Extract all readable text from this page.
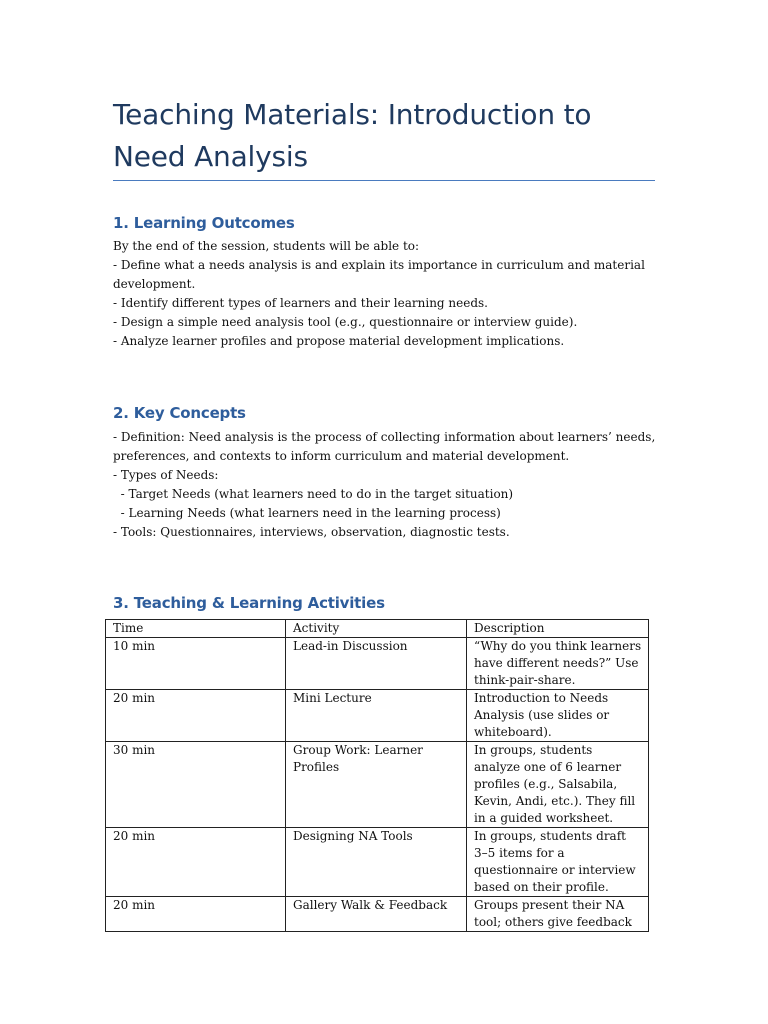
Teaching Materials: Introduction to Need Analysis
1. Learning Outcomes

By the end of the session, students will be able to:

- Define what a needs analysis is and explain its importance in curriculum and material development.

- Identify different types of learners and their learning needs.

- Design a simple need analysis tool (e.g., questionnaire or interview guide).

- Analyze learner profiles and propose material development implications.

2. Key Concepts

- Definition: Need analysis is the process of collecting information about learners’ needs, preferences, and contexts to inform curriculum and material development.

- Types of Needs:

- Target Needs (what learners need to do in the target situation)

- Learning Needs (what learners need in the learning process)

- Tools: Questionnaires, interviews, observation, diagnostic tests.

3. Teaching & Learning Activities
Time	Activity	Description
10 min	Lead-in Discussion	“Why do you think learners have different needs?” Use think-pair-share.
20 min	Mini Lecture	Introduction to Needs Analysis (use slides or whiteboard).
30 min	Group Work: Learner Profiles	In groups, students analyze one of 6 learner profiles (e.g., Salsabila, Kevin, Andi, etc.). They fill in a guided worksheet.
20 min	Designing NA Tools	In groups, students draft 3–5 items for a questionnaire or interview based on their profile.
20 min	Gallery Walk & Feedback	Groups present their NA tool; others give feedback
